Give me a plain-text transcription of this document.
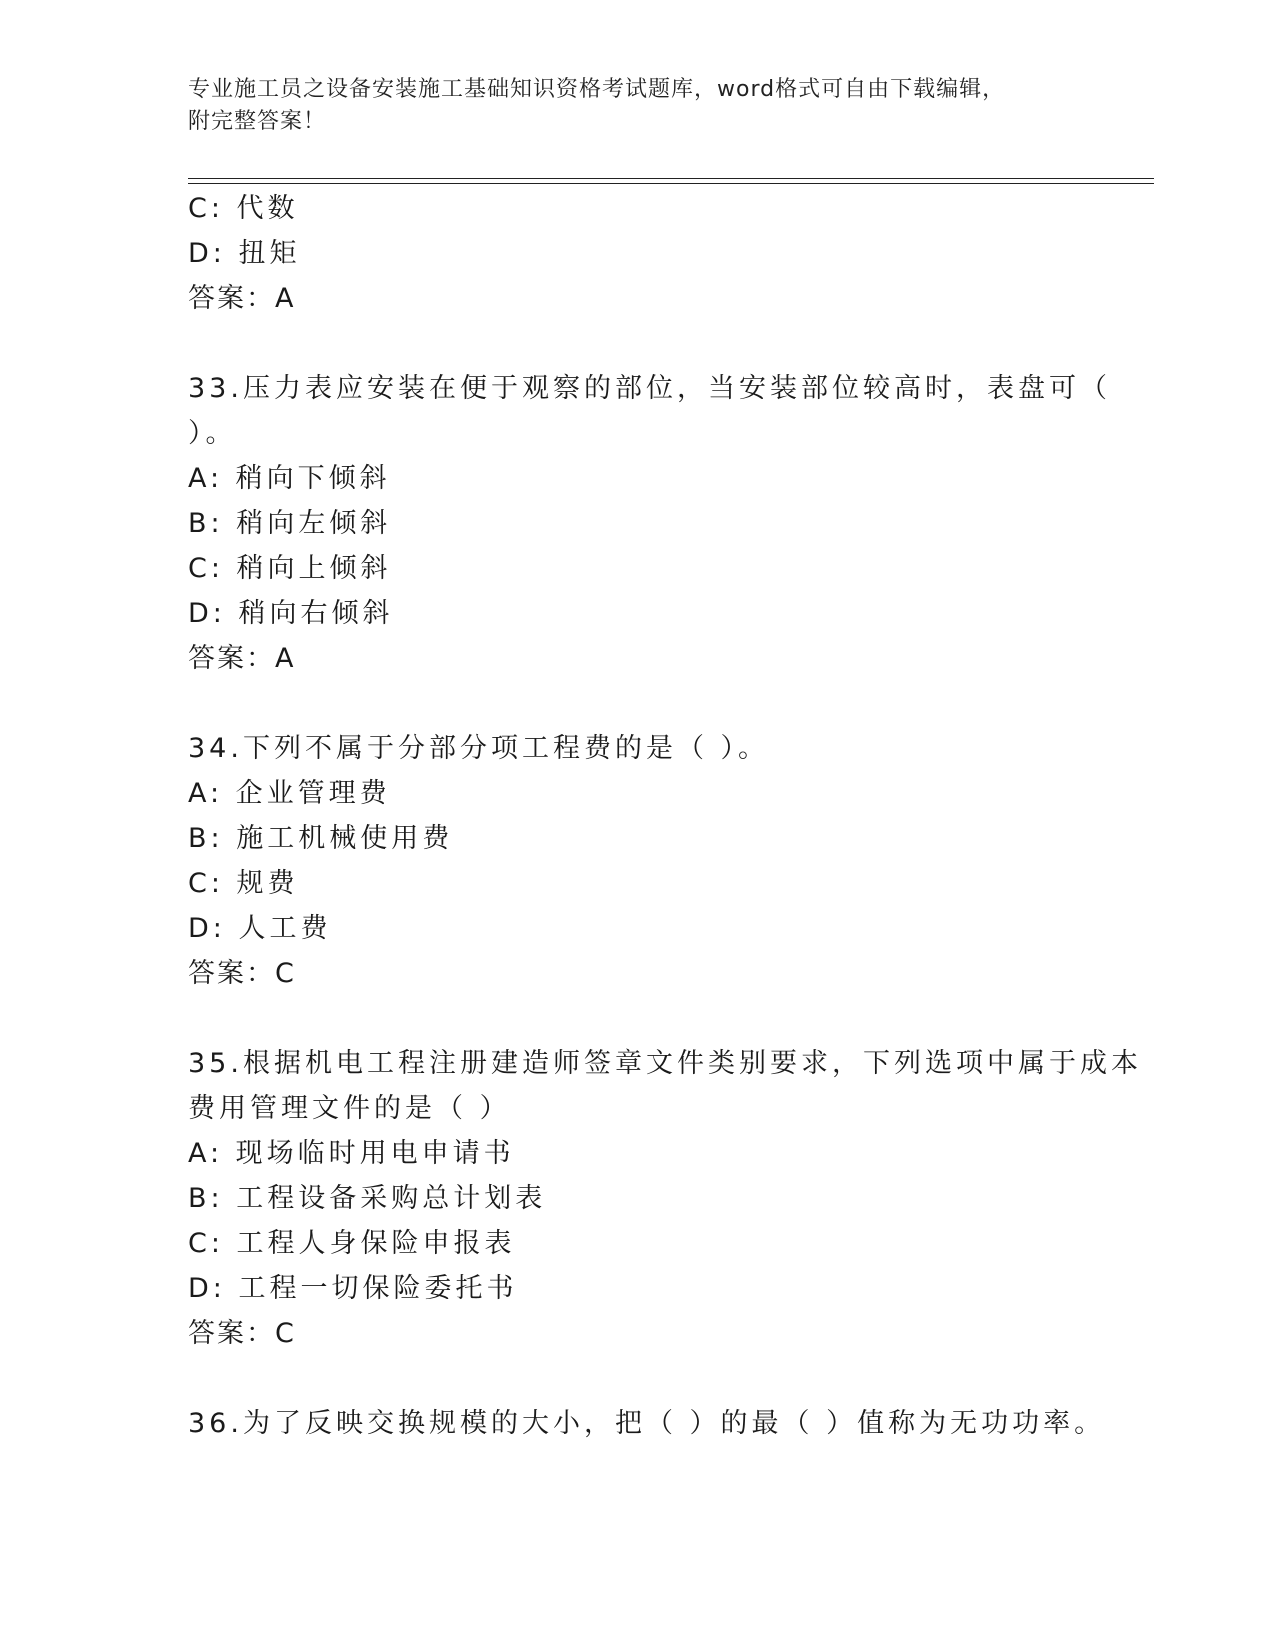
专业施工员之设备安装施工基础知识资格考试题库，word格式可自由下载编辑，
附完整答案！
C: 代数
D: 扭矩
答案：A
33.压力表应安装在便于观察的部位，当安装部位较高时，表盘可（
）。
A: 稍向下倾斜
B: 稍向左倾斜
C: 稍向上倾斜
D: 稍向右倾斜
答案：A
34.下列不属于分部分项工程费的是（ ）。
A: 企业管理费
B: 施工机械使用费
C: 规费
D: 人工费
答案：C
35.根据机电工程注册建造师签章文件类别要求，下列选项中属于成本
费用管理文件的是（ ）
A: 现场临时用电申请书
B: 工程设备采购总计划表
C: 工程人身保险申报表
D: 工程一切保险委托书
答案：C
36.为了反映交换规模的大小，把（ ）的最（ ）值称为无功功率。
